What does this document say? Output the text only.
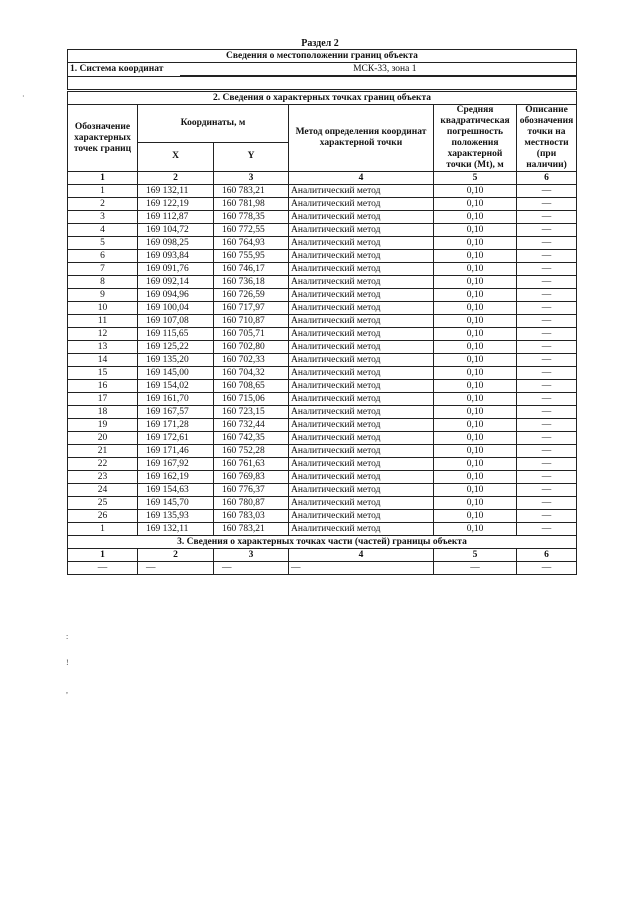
Раздел 2
Сведения о местоположении границ объекта
1. Система координат	МСК-33, зона 1

2. Сведения о характерных точках границ объекта					
Обозначение характерных точек границ	Координаты, м		Метод определения координат характерной точки	Средняя квадратическая погрешность положения характерной точки (Mt), м	Описание обозначения точки на местности (при наличии)
	X	Y			
1	2	3	4	5	6
1	169 132,11	160 783,21	Аналитический метод	0,10	—
2	169 122,19	160 781,98	Аналитический метод	0,10	—
3	169 112,87	160 778,35	Аналитический метод	0,10	—
4	169 104,72	160 772,55	Аналитический метод	0,10	—
5	169 098,25	160 764,93	Аналитический метод	0,10	—
6	169 093,84	160 755,95	Аналитический метод	0,10	—
7	169 091,76	160 746,17	Аналитический метод	0,10	—
8	169 092,14	160 736,18	Аналитический метод	0,10	—
9	169 094,96	160 726,59	Аналитический метод	0,10	—
10	169 100,04	160 717,97	Аналитический метод	0,10	—
11	169 107,08	160 710,87	Аналитический метод	0,10	—
12	169 115,65	160 705,71	Аналитический метод	0,10	—
13	169 125,22	160 702,80	Аналитический метод	0,10	—
14	169 135,20	160 702,33	Аналитический метод	0,10	—
15	169 145,00	160 704,32	Аналитический метод	0,10	—
16	169 154,02	160 708,65	Аналитический метод	0,10	—
17	169 161,70	160 715,06	Аналитический метод	0,10	—
18	169 167,57	160 723,15	Аналитический метод	0,10	—
19	169 171,28	160 732,44	Аналитический метод	0,10	—
20	169 172,61	160 742,35	Аналитический метод	0,10	—
21	169 171,46	160 752,28	Аналитический метод	0,10	—
22	169 167,92	160 761,63	Аналитический метод	0,10	—
23	169 162,19	160 769,83	Аналитический метод	0,10	—
24	169 154,63	160 776,37	Аналитический метод	0,10	—
25	169 145,70	160 780,87	Аналитический метод	0,10	—
26	169 135,93	160 783,03	Аналитический метод	0,10	—
1	169 132,11	160 783,21	Аналитический метод	0,10	—
3. Сведения о характерных точках части (частей) границы объекта					
1	2	3	4	5	6
—	—	—	—	—	—
·
:
!
,
